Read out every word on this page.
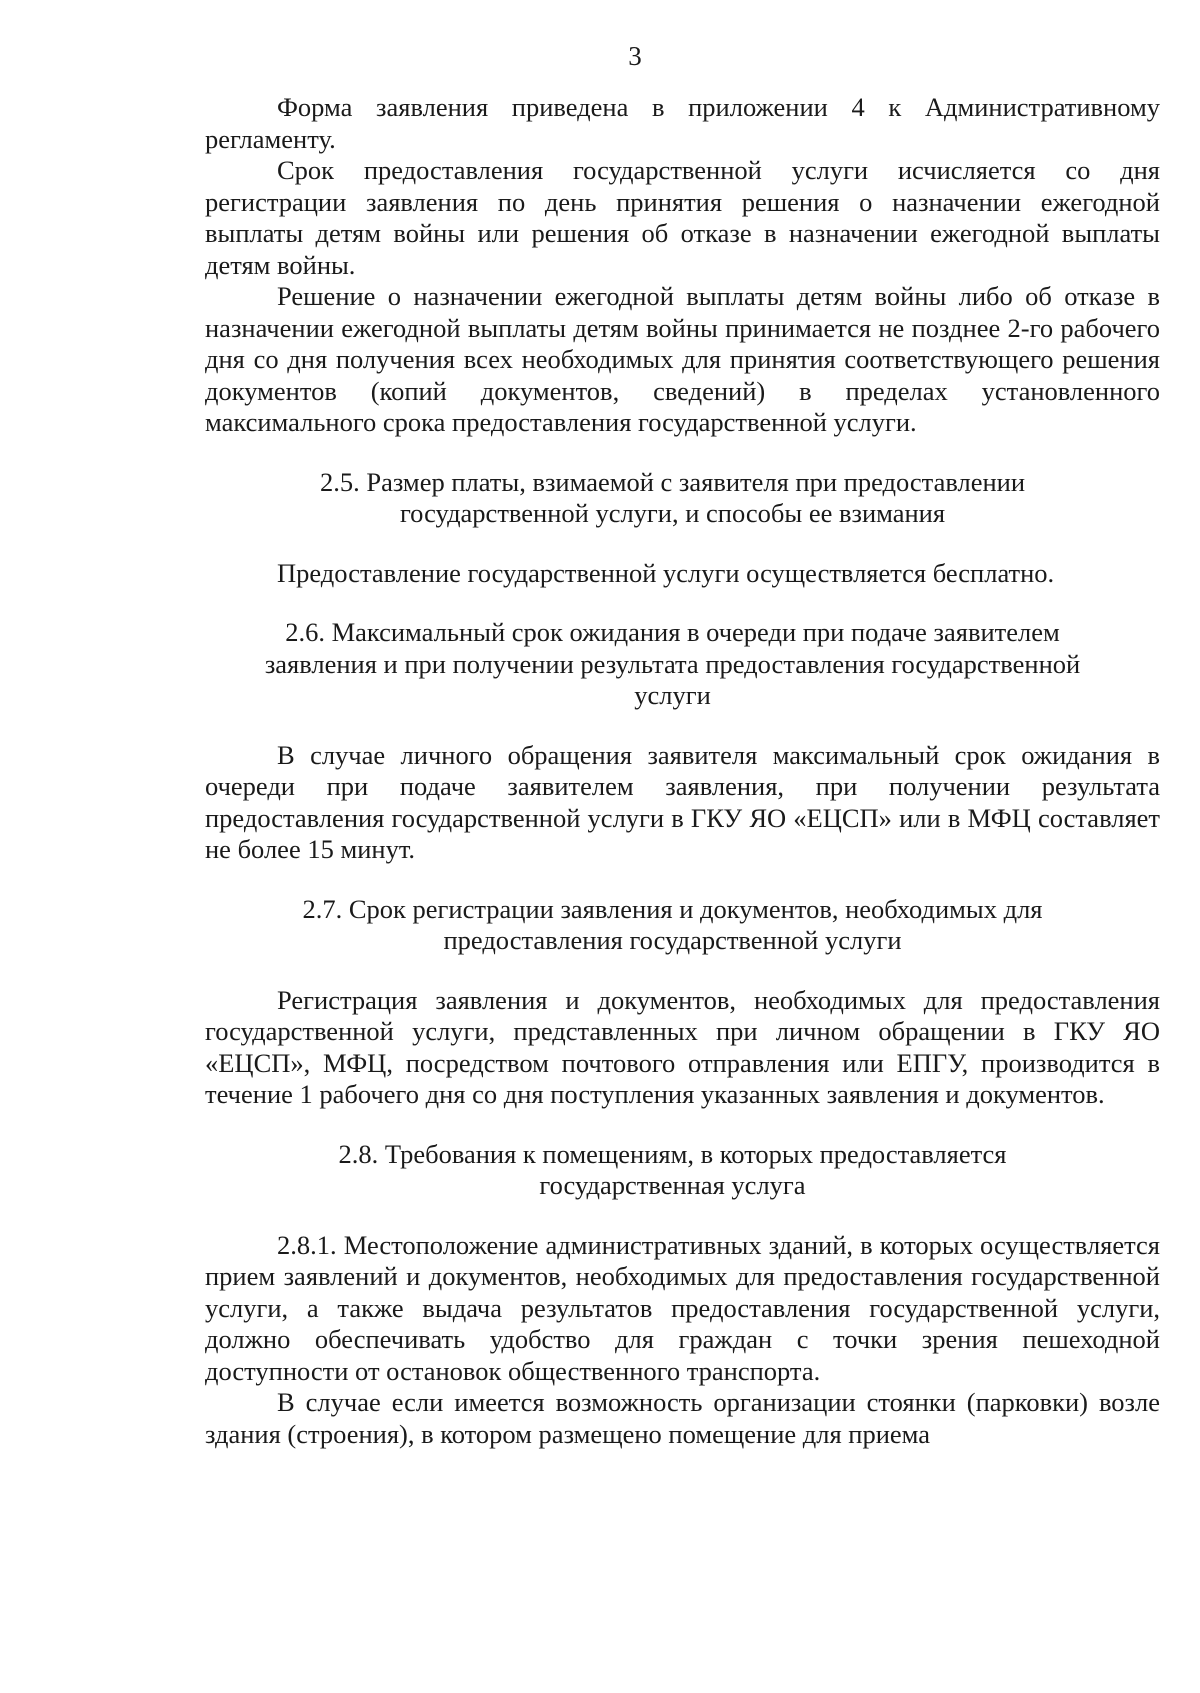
3

Форма заявления приведена в приложении 4 к Административному регламенту.

Срок предоставления государственной услуги исчисляется со дня регистрации заявления по день принятия решения о назначении ежегодной выплаты детям войны или решения об отказе в назначении ежегодной выплаты детям войны.

Решение о назначении ежегодной выплаты детям войны либо об отказе в назначении ежегодной выплаты детям войны принимается не позднее 2-го рабочего дня со дня получения всех необходимых для принятия соответствующего решения документов (копий документов, сведений) в пределах установленного максимального срока предоставления государственной услуги.

2.5. Размер платы, взимаемой с заявителя при предоставлении государственной услуги, и способы ее взимания

Предоставление государственной услуги осуществляется бесплатно.

2.6. Максимальный срок ожидания в очереди при подаче заявителем заявления и при получении результата предоставления государственной услуги

В случае личного обращения заявителя максимальный срок ожидания в очереди при подаче заявителем заявления, при получении результата предоставления государственной услуги в ГКУ ЯО «ЕЦСП» или в МФЦ составляет не более 15 минут.

2.7. Срок регистрации заявления и документов, необходимых для предоставления государственной услуги

Регистрация заявления и документов, необходимых для предоставления государственной услуги, представленных при личном обращении в ГКУ ЯО «ЕЦСП», МФЦ, посредством почтового отправления или ЕПГУ, производится в течение 1 рабочего дня со дня поступления указанных заявления и документов.

2.8. Требования к помещениям, в которых предоставляется государственная услуга

2.8.1. Местоположение административных зданий, в которых осуществляется прием заявлений и документов, необходимых для предоставления государственной услуги, а также выдача результатов предоставления государственной услуги, должно обеспечивать удобство для граждан с точки зрения пешеходной доступности от остановок общественного транспорта.

В случае если имеется возможность организации стоянки (парковки) возле здания (строения), в котором размещено помещение для приема
